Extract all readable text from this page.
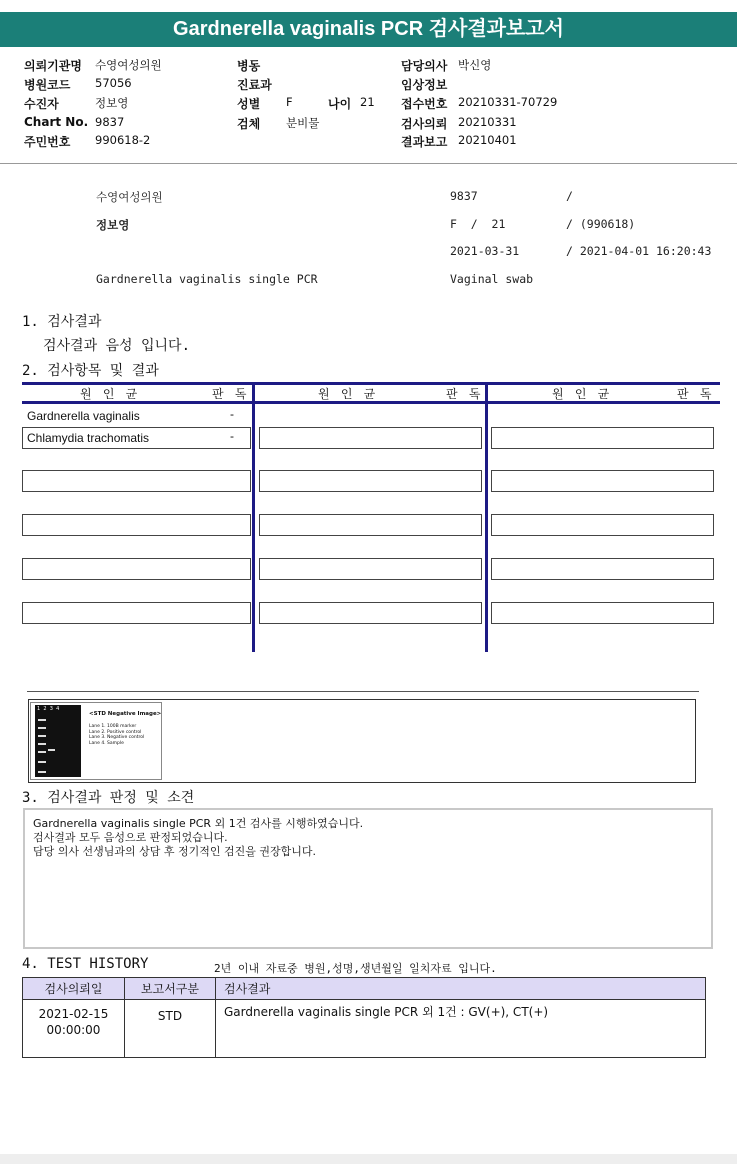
Gardnerella vaginalis PCR 검사결과보고서
의뢰기관명 수영여성의원
병원코드 57056
수진자	정보영
Chart No. 9837
주민번호 990618-2
병동
진료과
성별 F	나이 21
검체 분비물
담당의사 박신영
임상정보
접수번호 20210331-70729
검사의뢰 20210331
결과보고 20210401
수영여성의원	9837	/
정보영	F  /  21	/ (990618)
2021-03-31	/ 2021-04-01 16:20:43
Gardnerella vaginalis single PCR	Vaginal swab
1. 검사결과
검사결과 음성 입니다.
2. 검사항목 및 결과
원 인 균	판 독	원 인 균	판 독	원 인 균	판 독
Gardnerella vaginalis	-
Chlamydia trachomatis	-
1  2  3  4
<STD Negative Image>
Lane 1. 100B marker
Lane 2. Positive control
Lane 3. Negative control
Lane 4. Sample
3. 검사결과 판정 및 소견
Gardnerella vaginalis single PCR 외 1건 검사를 시행하였습니다.
검사결과 모두 음성으로 판정되었습니다.
담당 의사 선생님과의 상담 후 정기적인 검진을 권장합니다.
4. TEST HISTORY	2년 이내 자료중 병원,성명,생년월일 일치자료 입니다.
검사의뢰일	보고서구분	검사결과

2021-02-15
00:00:00	STD	Gardnerella vaginalis single PCR 외 1건 : GV(+), CT(+)
